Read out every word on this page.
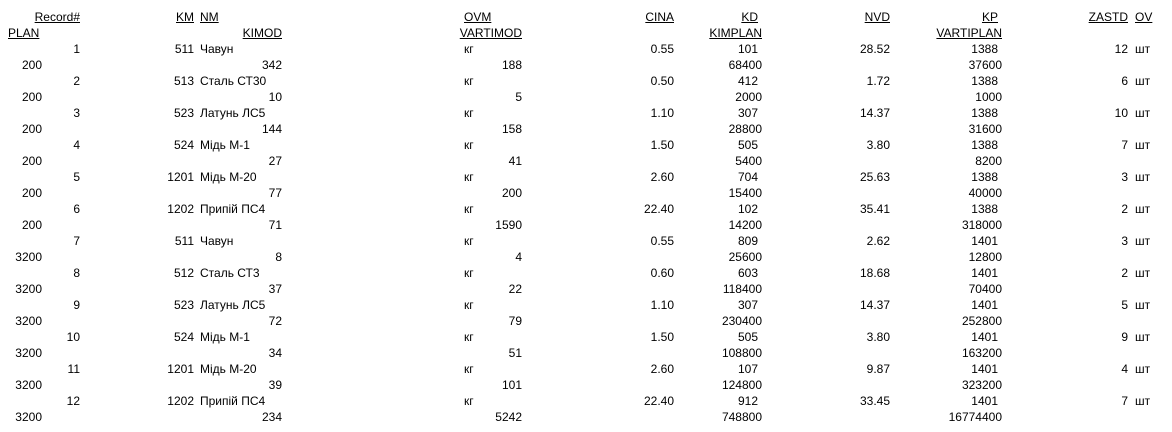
Record#	KM NM	OVM	CINA	KD	NVD	KP	ZASTD OV
PLAN	KIMOD	VARTIMOD	KIMPLAN	VARTIPLAN
1	511 Чавун	кг	0.55	101	28.52	1388	12 шт
200	342	188	68400	37600
2	513 Сталь СТ30	кг	0.50	412	1.72	1388	6 шт
200	10	5	2000	1000
3	523 Латунь ЛС5	кг	1.10	307	14.37	1388	10 шт
200	144	158	28800	31600
4	524 Мідь М-1	кг	1.50	505	3.80	1388	7 шт
200	27	41	5400	8200
5	1201 Мідь М-20	кг	2.60	704	25.63	1388	3 шт
200	77	200	15400	40000
6	1202 Припій ПС4	кг	22.40	102	35.41	1388	2 шт
200	71	1590	14200	318000
7	511 Чавун	кг	0.55	809	2.62	1401	3 шт
3200	8	4	25600	12800
8	512 Сталь СТ3	кг	0.60	603	18.68	1401	2 шт
3200	37	22	118400	70400
9	523 Латунь ЛС5	кг	1.10	307	14.37	1401	5 шт
3200	72	79	230400	252800
10	524 Мідь М-1	кг	1.50	505	3.80	1401	9 шт
3200	34	51	108800	163200
11	1201 Мідь М-20	кг	2.60	107	9.87	1401	4 шт
3200	39	101	124800	323200
12	1202 Припій ПС4	кг	22.40	912	33.45	1401	7 шт
3200	234	5242	748800	16774400
